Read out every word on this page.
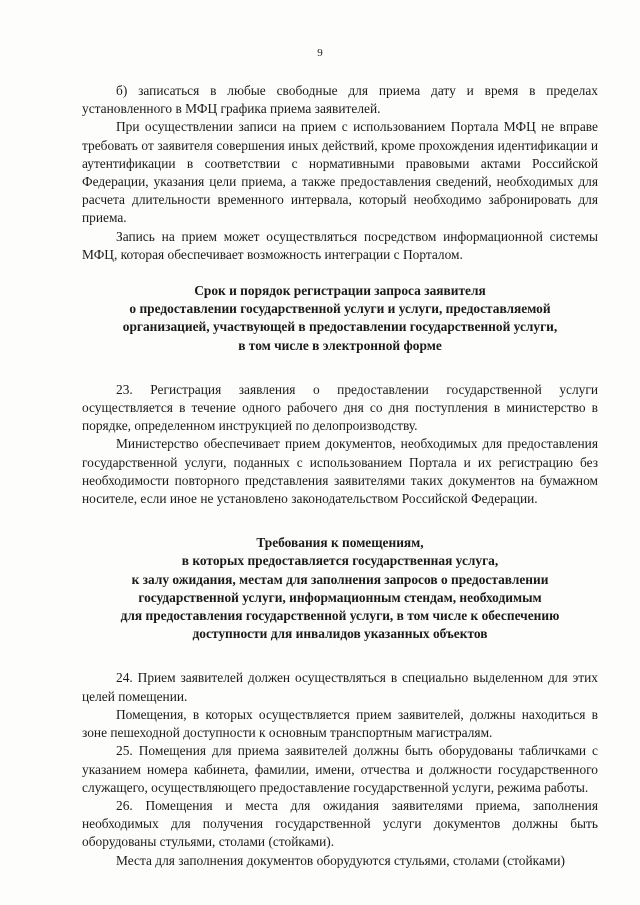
9

б) записаться в любые свободные для приема дату и время в пределах установленного в МФЦ графика приема заявителей.

При осуществлении записи на прием с использованием Портала МФЦ не вправе требовать от заявителя совершения иных действий, кроме прохождения идентификации и аутентификации в соответствии с нормативными правовыми актами Российской Федерации, указания цели приема, а также предоставления сведений, необходимых для расчета длительности временного интервала, который необходимо забронировать для приема.

Запись на прием может осуществляться посредством информационной системы МФЦ, которая обеспечивает возможность интеграции с Порталом.

Срок и порядок регистрации запроса заявителя
о предоставлении государственной услуги и услуги, предоставляемой
организацией, участвующей в предоставлении государственной услуги,
в том числе в электронной форме

23. Регистрация заявления о предоставлении государственной услуги осуществляется в течение одного рабочего дня со дня поступления в министерство в порядке, определенном инструкцией по делопроизводству.

Министерство обеспечивает прием документов, необходимых для предоставления государственной услуги, поданных с использованием Портала и их регистрацию без необходимости повторного представления заявителями таких документов на бумажном носителе, если иное не установлено законодательством Российской Федерации.

Требования к помещениям,
в которых предоставляется государственная услуга,
к залу ожидания, местам для заполнения запросов о предоставлении
государственной услуги, информационным стендам, необходимым
для предоставления государственной услуги, в том числе к обеспечению
доступности для инвалидов указанных объектов

24. Прием заявителей должен осуществляться в специально выделенном для этих целей помещении.

Помещения, в которых осуществляется прием заявителей, должны находиться в зоне пешеходной доступности к основным транспортным магистралям.

25. Помещения для приема заявителей должны быть оборудованы табличками с указанием номера кабинета, фамилии, имени, отчества и должности государственного служащего, осуществляющего предоставление государственной услуги, режима работы.

26. Помещения и места для ожидания заявителями приема, заполнения необходимых для получения государственной услуги документов должны быть оборудованы стульями, столами (стойками).

Места для заполнения документов оборудуются стульями, столами (стойками)
